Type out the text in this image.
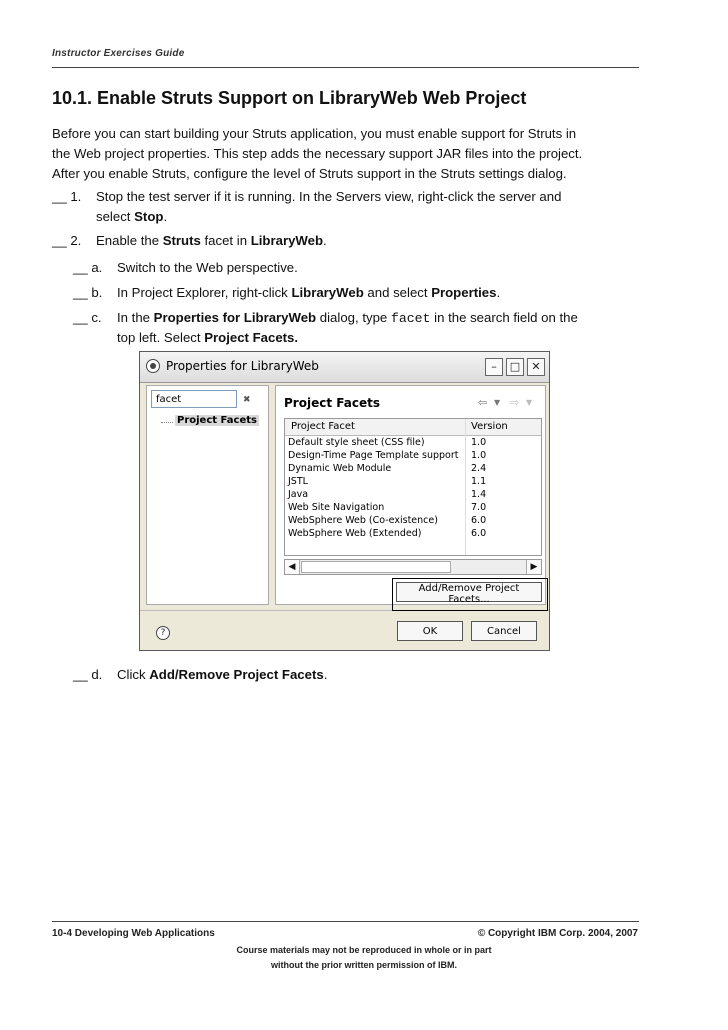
Instructor Exercises Guide
10.1. Enable Struts Support on LibraryWeb Web Project
Before you can start building your Struts application, you must enable support for Struts in
the Web project properties. This step adds the necessary support JAR files into the project.
After you enable Struts, configure the level of Struts support in the Struts settings dialog.
__ 1. Stop the test server if it is running. In the Servers view, right-click the server and
select Stop.
__ 2. Enable the Struts facet in LibraryWeb.
__ a. Switch to the Web perspective.
__ b. In Project Explorer, right-click LibraryWeb and select Properties.
__ c. In the Properties for LibraryWeb dialog, type facet in the search field on the
top left. Select Project Facets.
Properties for LibraryWeb	–	□	✕
facet
✖
Project Facets
Project Facets	⇦ ▼ ⇨ ▼
Project Facet	Version
Default style sheet (CSS file)	1.0
Design-Time Page Template support 1.0
Dynamic Web Module	2.4
JSTL	1.1
Java	1.4
Web Site Navigation	7.0
WebSphere Web (Co-existence)	6.0
WebSphere Web (Extended)	6.0
◀	▶
Add/Remove Project Facets...
?	OK	Cancel
__ d. Click Add/Remove Project Facets.
10-4 Developing Web Applications	© Copyright IBM Corp. 2004, 2007
Course materials may not be reproduced in whole or in part
without the prior written permission of IBM.
